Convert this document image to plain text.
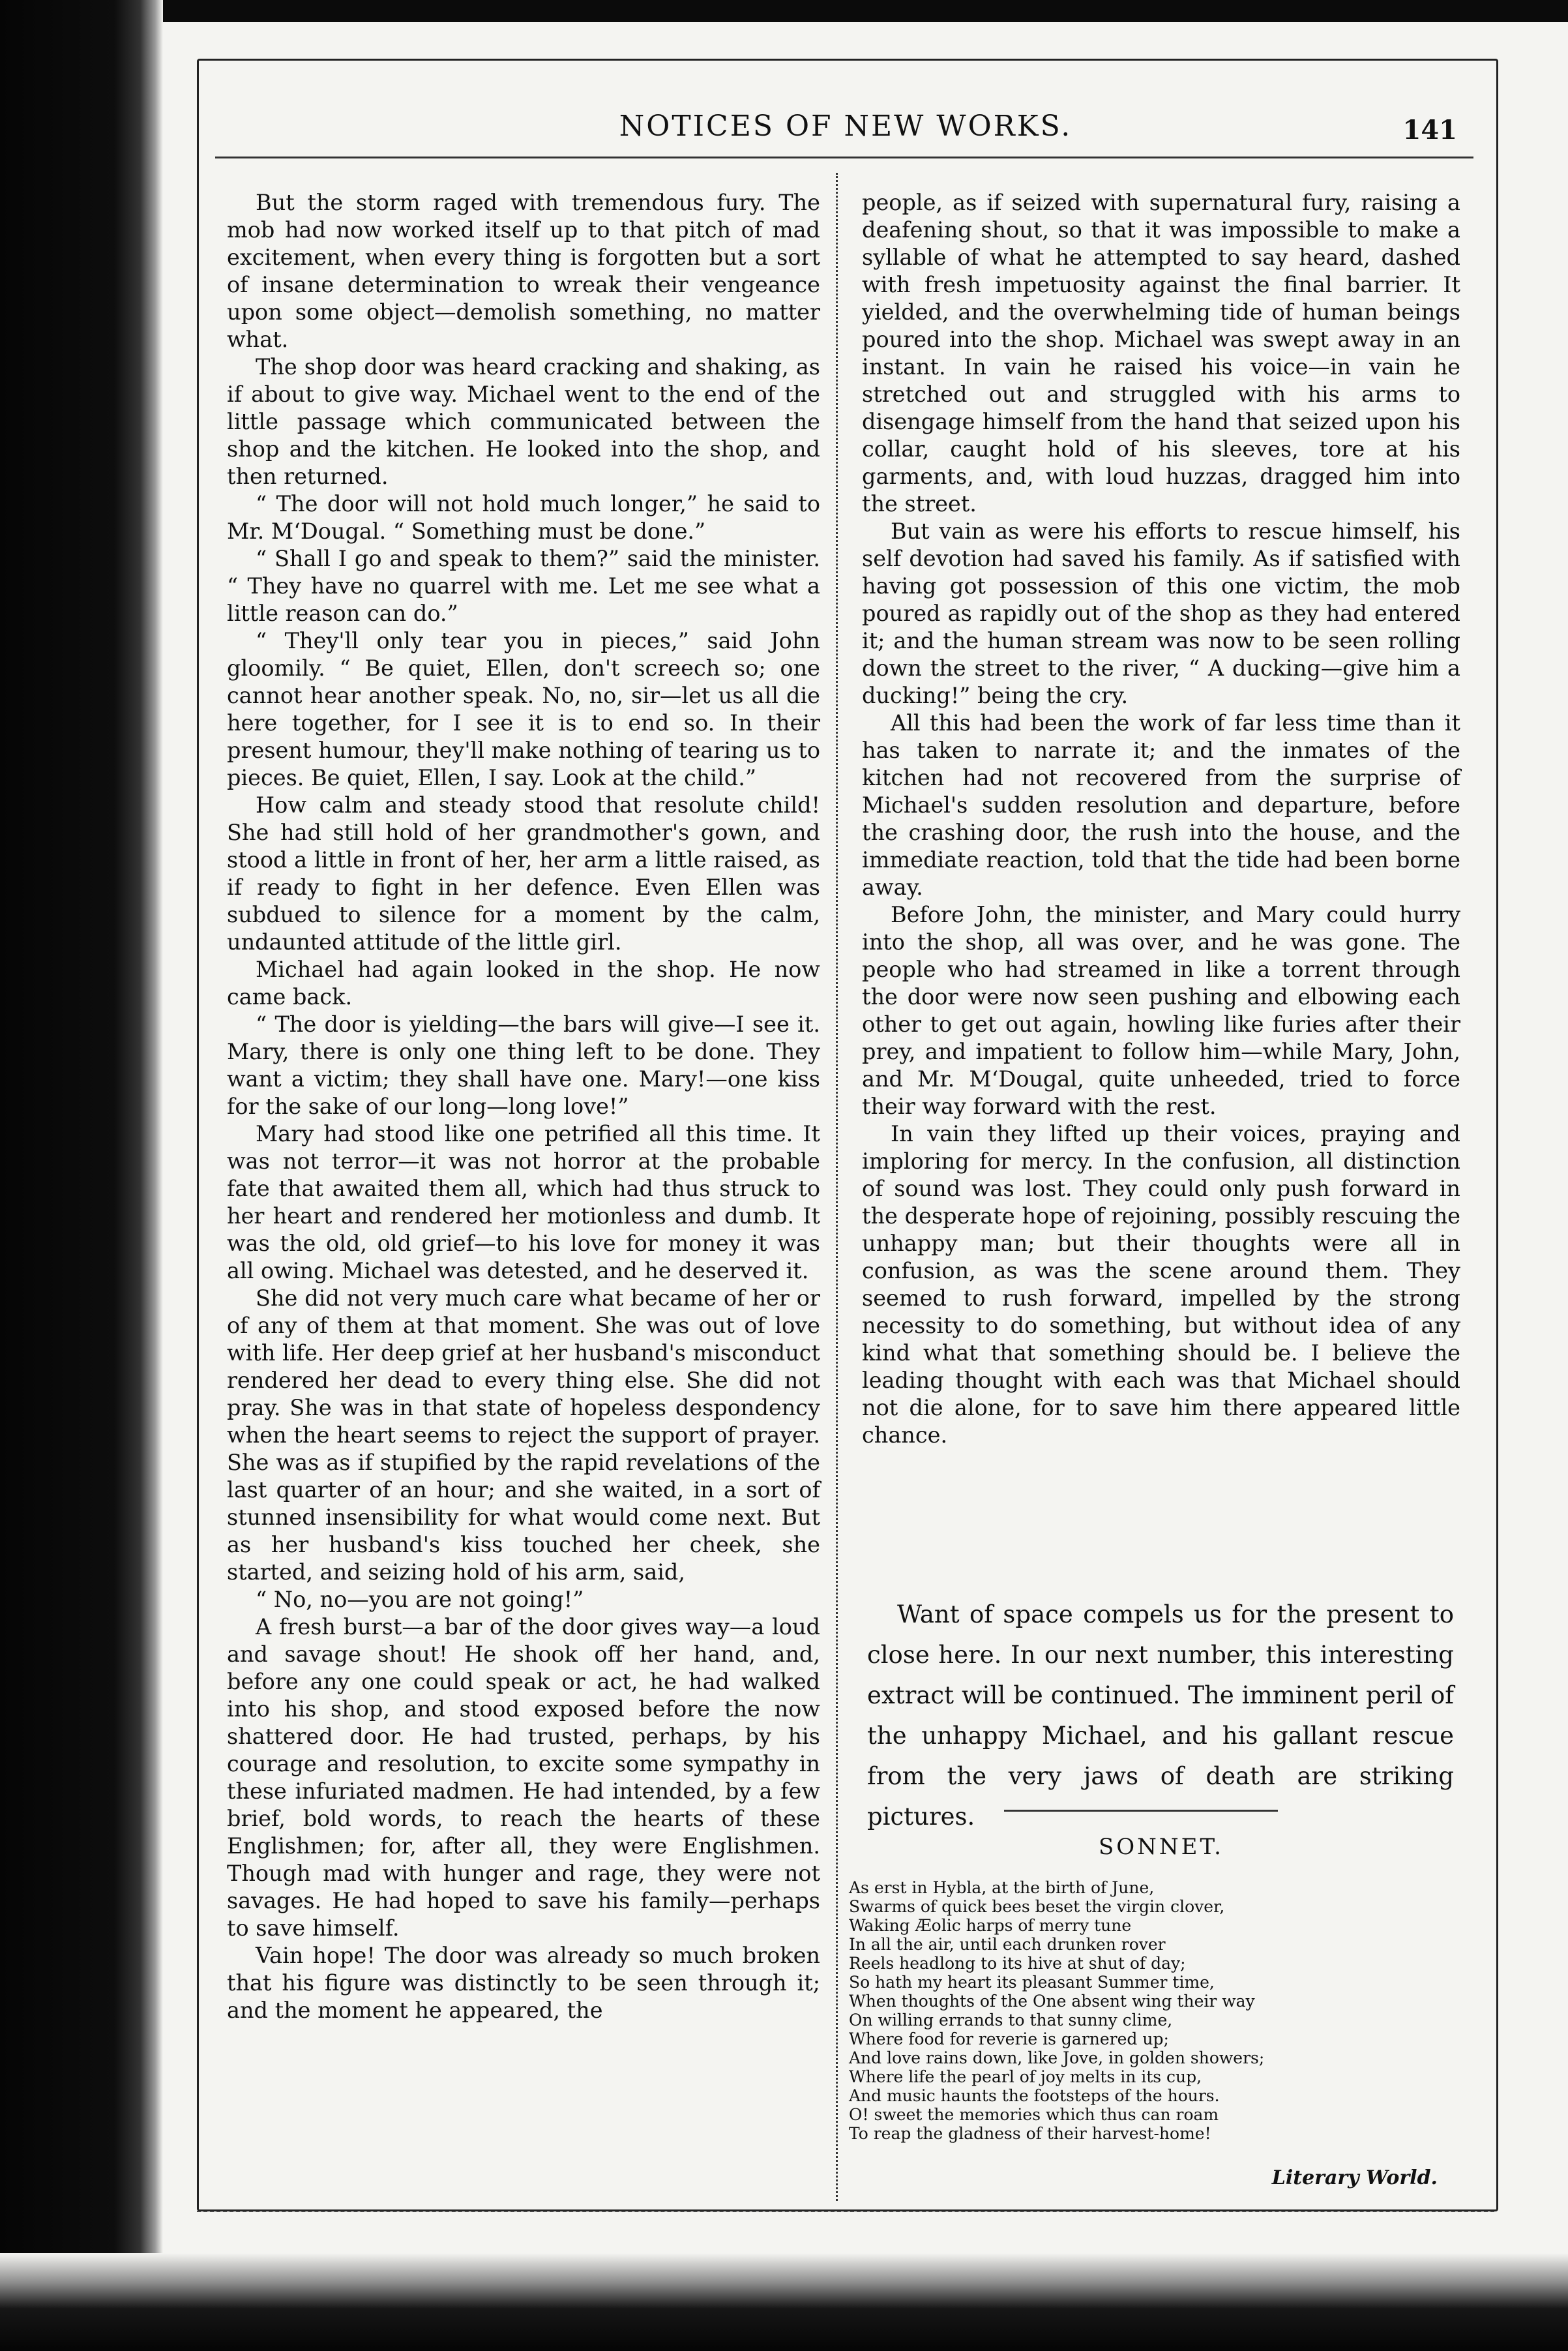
NOTICES OF NEW WORKS.	141

But the storm raged with tremendous fury. The mob had now worked itself up to that pitch of mad excitement, when every thing is forgotten but a sort of insane determination to wreak their vengeance upon some object—demolish something, no matter what.

The shop door was heard cracking and shaking, as if about to give way. Michael went to the end of the little passage which communicated between the shop and the kitchen. He looked into the shop, and then returned.

“ The door will not hold much longer,” he said to Mr. M‘Dougal. “ Something must be done.”

“ Shall I go and speak to them?” said the minister. “ They have no quarrel with me. Let me see what a little reason can do.”

“ They'll only tear you in pieces,” said John gloomily. “ Be quiet, Ellen, don't screech so; one cannot hear another speak. No, no, sir—let us all die here together, for I see it is to end so. In their present humour, they'll make nothing of tearing us to pieces. Be quiet, Ellen, I say. Look at the child.”

How calm and steady stood that resolute child! She had still hold of her grandmother's gown, and stood a little in front of her, her arm a little raised, as if ready to fight in her defence. Even Ellen was subdued to silence for a moment by the calm, undaunted attitude of the little girl.

Michael had again looked in the shop. He now came back.

“ The door is yielding—the bars will give—I see it. Mary, there is only one thing left to be done. They want a victim; they shall have one. Mary!—one kiss for the sake of our long—long love!”

Mary had stood like one petrified all this time. It was not terror—it was not horror at the probable fate that awaited them all, which had thus struck to her heart and rendered her motionless and dumb. It was the old, old grief—to his love for money it was all owing. Michael was detested, and he deserved it.

She did not very much care what became of her or of any of them at that moment. She was out of love with life. Her deep grief at her husband's misconduct rendered her dead to every thing else. She did not pray. She was in that state of hopeless despondency when the heart seems to reject the support of prayer. She was as if stupified by the rapid revelations of the last quarter of an hour; and she waited, in a sort of stunned insensibility for what would come next. But as her husband's kiss touched her cheek, she started, and seizing hold of his arm, said,

“ No, no—you are not going!”

A fresh burst—a bar of the door gives way—a loud and savage shout! He shook off her hand, and, before any one could speak or act, he had walked into his shop, and stood exposed before the now shattered door. He had trusted, perhaps, by his courage and resolution, to excite some sympathy in these infuriated madmen. He had intended, by a few brief, bold words, to reach the hearts of these Englishmen; for, after all, they were Englishmen. Though mad with hunger and rage, they were not savages. He had hoped to save his family—perhaps to save himself.

Vain hope! The door was already so much broken that his figure was distinctly to be seen through it; and the moment he appeared, the

people, as if seized with supernatural fury, raising a deafening shout, so that it was impossible to make a syllable of what he attempted to say heard, dashed with fresh impetuosity against the final barrier. It yielded, and the overwhelming tide of human beings poured into the shop. Michael was swept away in an instant. In vain he raised his voice—in vain he stretched out and struggled with his arms to disengage himself from the hand that seized upon his collar, caught hold of his sleeves, tore at his garments, and, with loud huzzas, dragged him into the street.

But vain as were his efforts to rescue himself, his self devotion had saved his family. As if satisfied with having got possession of this one victim, the mob poured as rapidly out of the shop as they had entered it; and the human stream was now to be seen rolling down the street to the river, “ A ducking—give him a ducking!” being the cry.

All this had been the work of far less time than it has taken to narrate it; and the inmates of the kitchen had not recovered from the surprise of Michael's sudden resolution and departure, before the crashing door, the rush into the house, and the immediate reaction, told that the tide had been borne away.

Before John, the minister, and Mary could hurry into the shop, all was over, and he was gone. The people who had streamed in like a torrent through the door were now seen pushing and elbowing each other to get out again, howling like furies after their prey, and impatient to follow him—while Mary, John, and Mr. M‘Dougal, quite unheeded, tried to force their way forward with the rest.

In vain they lifted up their voices, praying and imploring for mercy. In the confusion, all distinction of sound was lost. They could only push forward in the desperate hope of rejoining, possibly rescuing the unhappy man; but their thoughts were all in confusion, as was the scene around them. They seemed to rush forward, impelled by the strong necessity to do something, but without idea of any kind what that something should be. I believe the leading thought with each was that Michael should not die alone, for to save him there appeared little chance.

Want of space compels us for the present to close here. In our next number, this interesting extract will be continued. The imminent peril of the unhappy Michael, and his gallant rescue from the very jaws of death are striking pictures.

SONNET.
As erst in Hybla, at the birth of June,
Swarms of quick bees beset the virgin clover,
Waking Æolic harps of merry tune
In all the air, until each drunken rover
Reels headlong to its hive at shut of day;
So hath my heart its pleasant Summer time,
When thoughts of the One absent wing their way
On willing errands to that sunny clime,
Where food for reverie is garnered up;
And love rains down, like Jove, in golden showers;
Where life the pearl of joy melts in its cup,
And music haunts the footsteps of the hours.
O! sweet the memories which thus can roam
To reap the gladness of their harvest-home!
Literary World.
